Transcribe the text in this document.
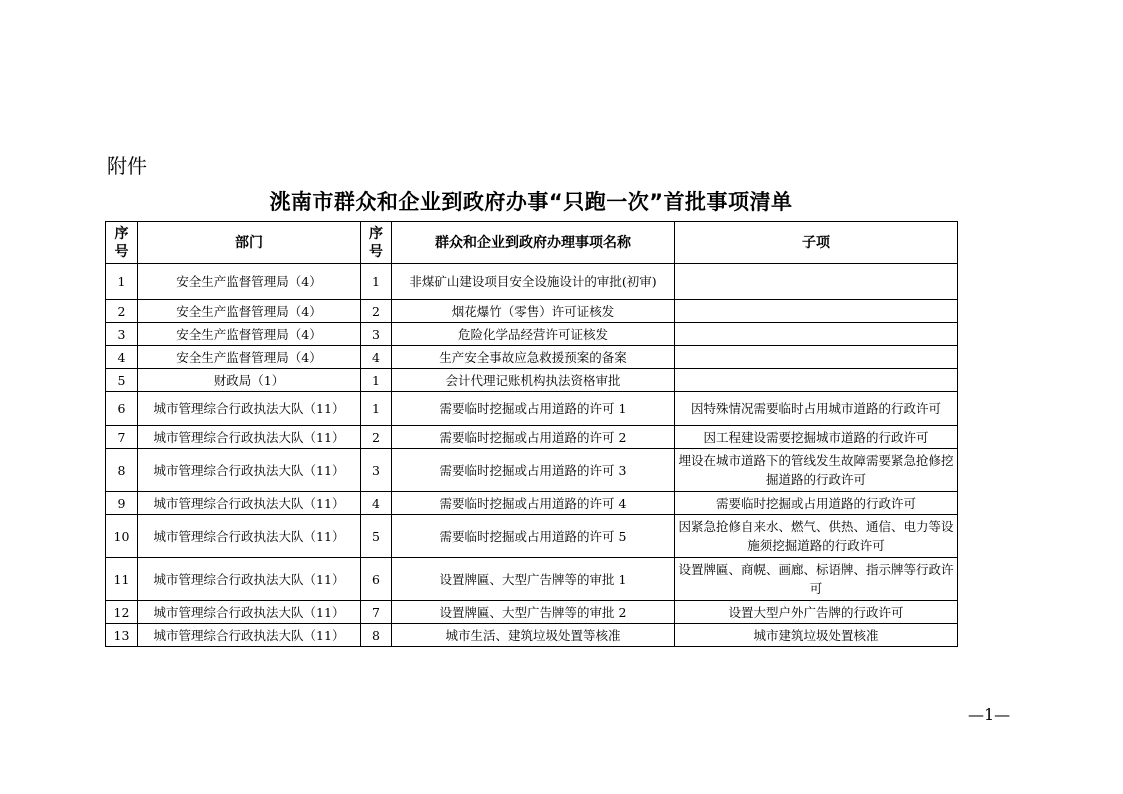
附件
洮南市群众和企业到政府办事“只跑一次”首批事项清单
序号	部门	序号	群众和企业到政府办理事项名称	子项
1	安全生产监督管理局（4）	1	非煤矿山建设项目安全设施设计的审批(初审)	
2	安全生产监督管理局（4）	2	烟花爆竹（零售）许可证核发	
3	安全生产监督管理局（4）	3	危险化学品经营许可证核发	
4	安全生产监督管理局（4）	4	生产安全事故应急救援预案的备案	
5	财政局（1）	1	会计代理记账机构执法资格审批	
6	城市管理综合行政执法大队（11）	1	需要临时挖掘或占用道路的许可 1	因特殊情况需要临时占用城市道路的行政许可
7	城市管理综合行政执法大队（11）	2	需要临时挖掘或占用道路的许可 2	因工程建设需要挖掘城市道路的行政许可
8	城市管理综合行政执法大队（11）	3	需要临时挖掘或占用道路的许可 3	埋设在城市道路下的管线发生故障需要紧急抢修挖掘道路的行政许可
9	城市管理综合行政执法大队（11）	4	需要临时挖掘或占用道路的许可 4	需要临时挖掘或占用道路的行政许可
10	城市管理综合行政执法大队（11）	5	需要临时挖掘或占用道路的许可 5	因紧急抢修自来水、燃气、供热、通信、电力等设施须挖掘道路的行政许可
11	城市管理综合行政执法大队（11）	6	设置牌匾、大型广告牌等的审批 1	设置牌匾、商幌、画廊、标语牌、指示牌等行政许可
12	城市管理综合行政执法大队（11）	7	设置牌匾、大型广告牌等的审批 2	设置大型户外广告牌的行政许可
13	城市管理综合行政执法大队（11）	8	城市生活、建筑垃圾处置等核准	城市建筑垃圾处置核准
—1—
